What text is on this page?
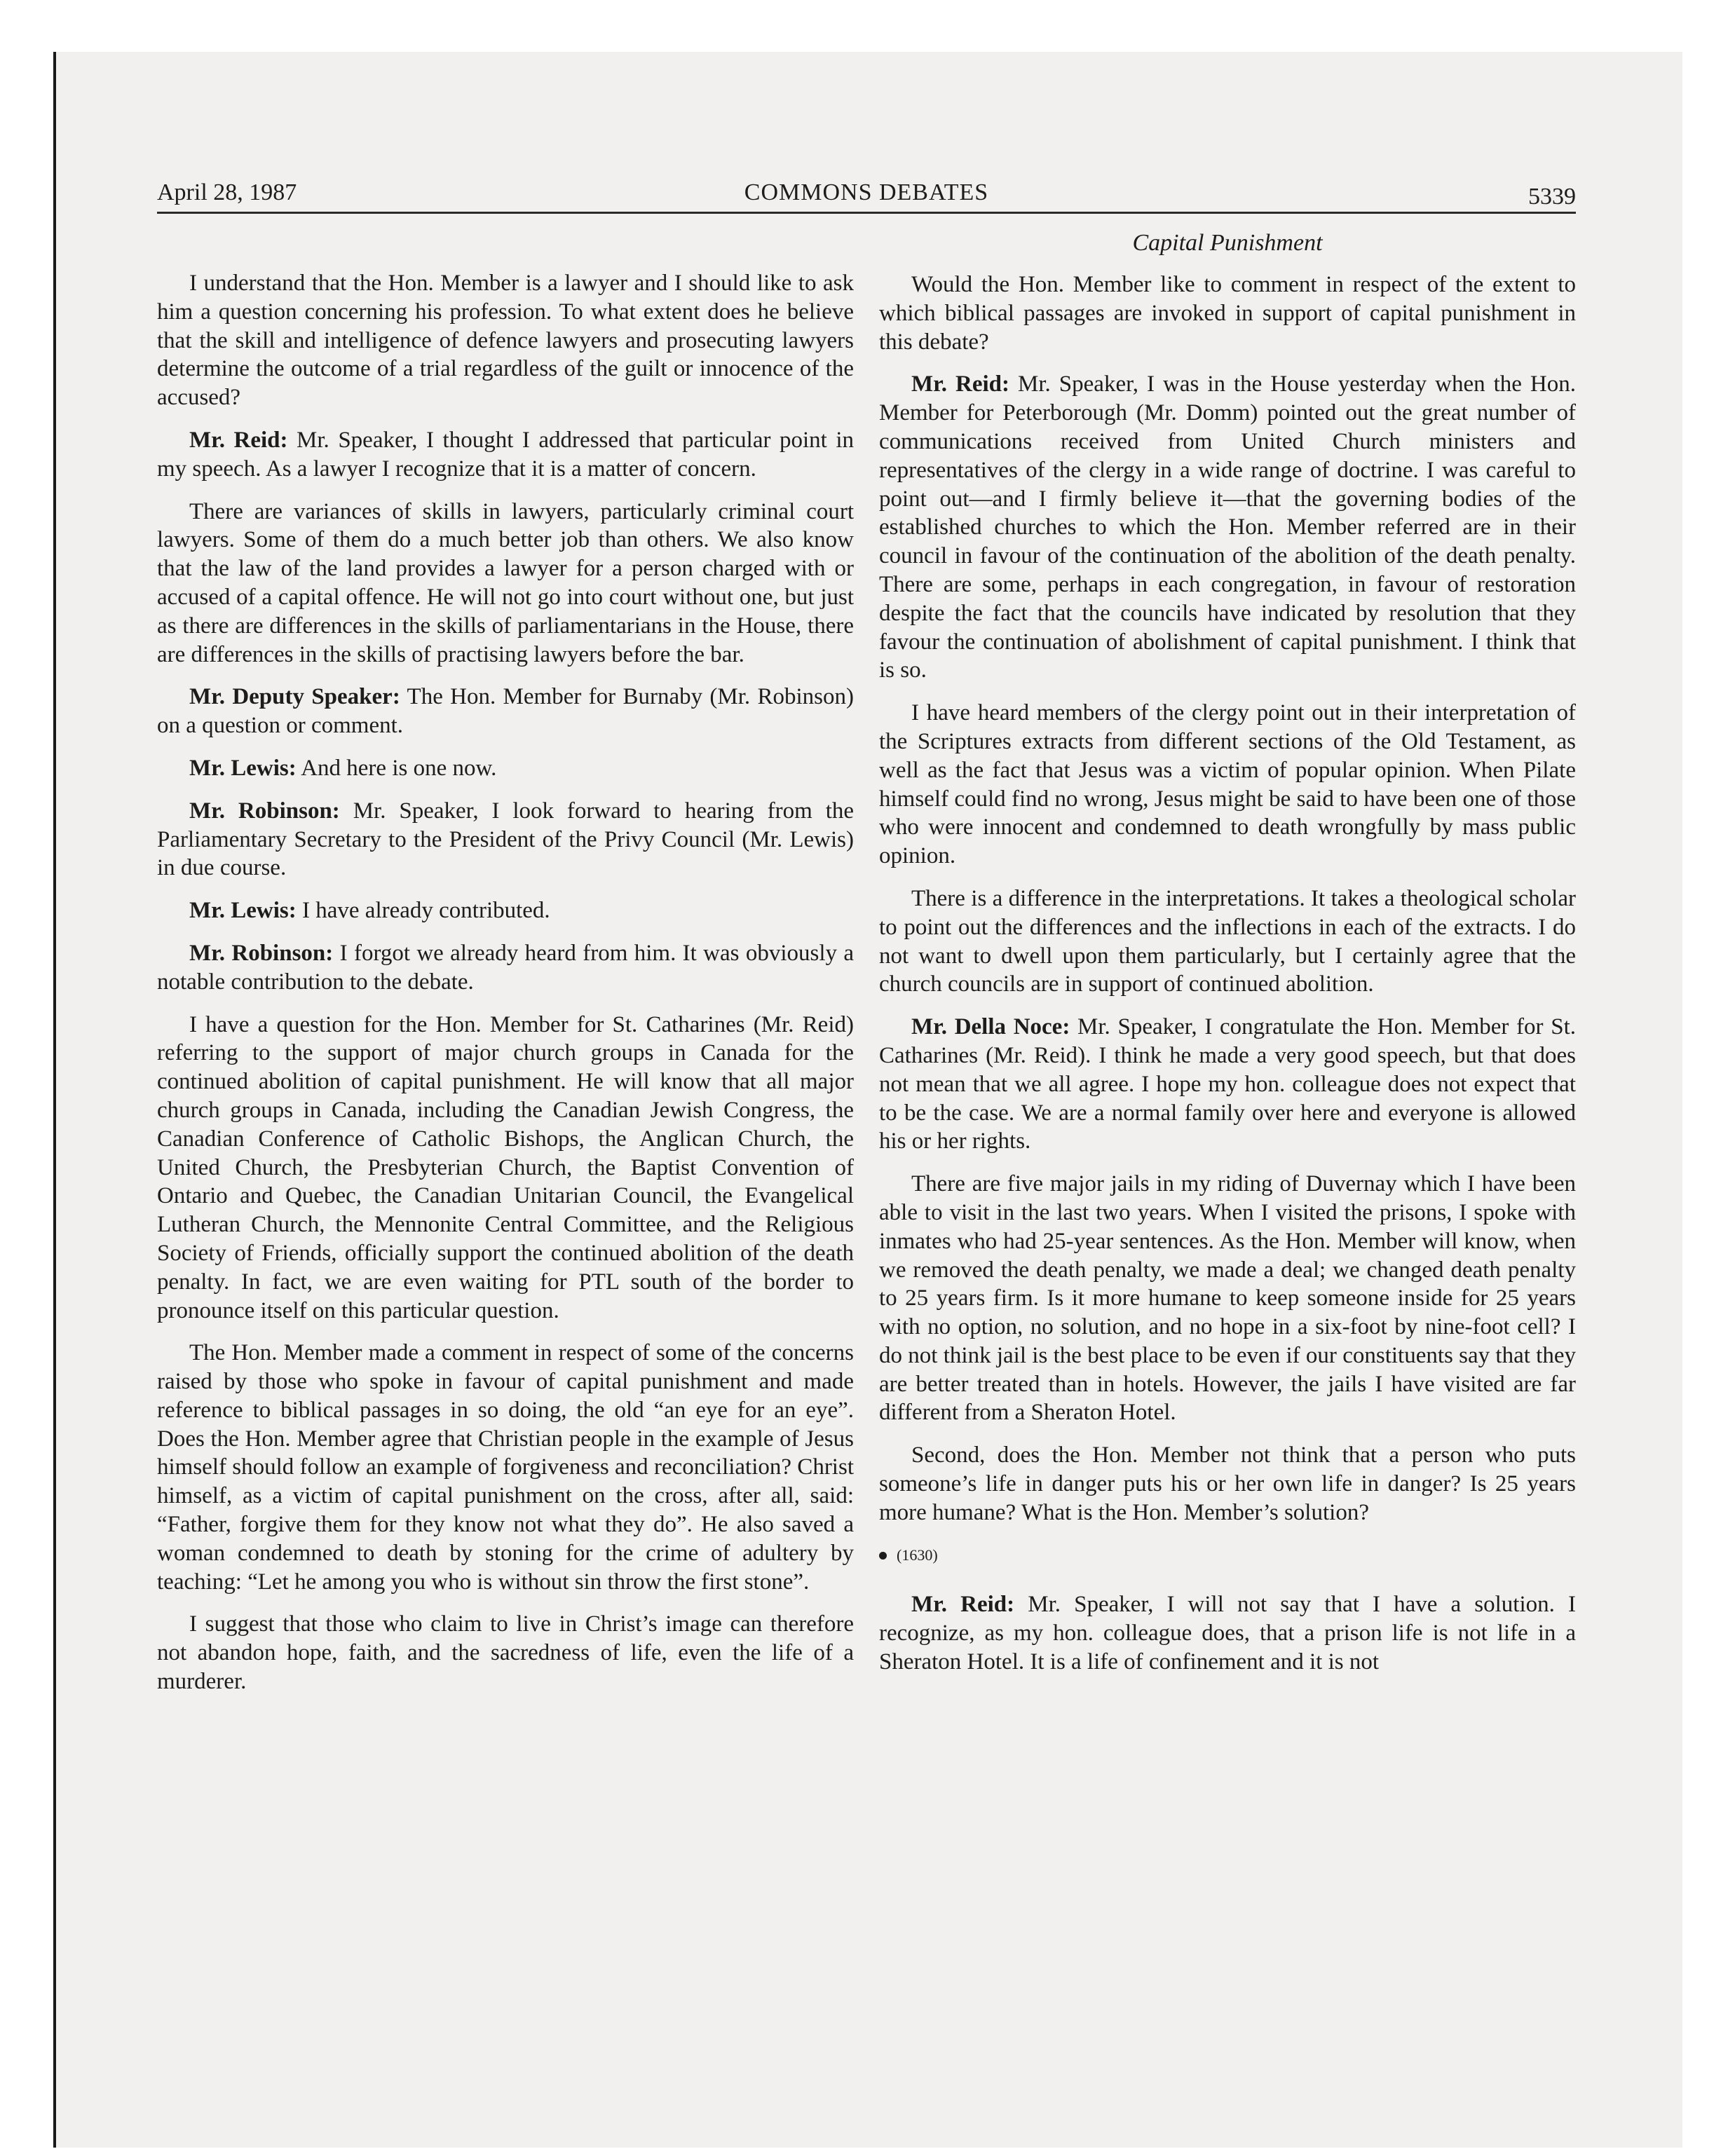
April 28, 1987	COMMONS DEBATES	5339
Capital Punishment

I understand that the Hon. Member is a lawyer and I should like to ask him a question concerning his profession. To what extent does he believe that the skill and intelligence of defence lawyers and prosecuting lawyers determine the outcome of a trial regardless of the guilt or innocence of the accused?

Mr. Reid: Mr. Speaker, I thought I addressed that particular point in my speech. As a lawyer I recognize that it is a matter of concern.

There are variances of skills in lawyers, particularly criminal court lawyers. Some of them do a much better job than others. We also know that the law of the land provides a lawyer for a person charged with or accused of a capital offence. He will not go into court without one, but just as there are differences in the skills of parliamentarians in the House, there are differences in the skills of practising lawyers before the bar.

Mr. Deputy Speaker: The Hon. Member for Burnaby (Mr. Robinson) on a question or comment.

Mr. Lewis: And here is one now.

Mr. Robinson: Mr. Speaker, I look forward to hearing from the Parliamentary Secretary to the President of the Privy Council (Mr. Lewis) in due course.

Mr. Lewis: I have already contributed.

Mr. Robinson: I forgot we already heard from him. It was obviously a notable contribution to the debate.

I have a question for the Hon. Member for St. Catharines (Mr. Reid) referring to the support of major church groups in Canada for the continued abolition of capital punishment. He will know that all major church groups in Canada, including the Canadian Jewish Congress, the Canadian Conference of Catholic Bishops, the Anglican Church, the United Church, the Presbyterian Church, the Baptist Convention of Ontario and Quebec, the Canadian Unitarian Council, the Evangelical Lutheran Church, the Mennonite Central Committee, and the Religious Society of Friends, officially support the continued abolition of the death penalty. In fact, we are even waiting for PTL south of the border to pronounce itself on this particular question.

The Hon. Member made a comment in respect of some of the concerns raised by those who spoke in favour of capital punishment and made reference to biblical passages in so doing, the old “an eye for an eye”. Does the Hon. Member agree that Christian people in the example of Jesus himself should follow an example of forgiveness and reconciliation? Christ himself, as a victim of capital punishment on the cross, after all, said: “Father, forgive them for they know not what they do”. He also saved a woman condemned to death by stoning for the crime of adultery by teaching: “Let he among you who is without sin throw the first stone”.

I suggest that those who claim to live in Christ’s image can therefore not abandon hope, faith, and the sacredness of life, even the life of a murderer.

Would the Hon. Member like to comment in respect of the extent to which biblical passages are invoked in support of capital punishment in this debate?

Mr. Reid: Mr. Speaker, I was in the House yesterday when the Hon. Member for Peterborough (Mr. Domm) pointed out the great number of communications received from United Church ministers and representatives of the clergy in a wide range of doctrine. I was careful to point out—and I firmly believe it—that the governing bodies of the established churches to which the Hon. Member referred are in their council in favour of the continuation of the abolition of the death penalty. There are some, perhaps in each congregation, in favour of restoration despite the fact that the councils have indicated by resolution that they favour the continuation of abolishment of capital punishment. I think that is so.

I have heard members of the clergy point out in their interpretation of the Scriptures extracts from different sections of the Old Testament, as well as the fact that Jesus was a victim of popular opinion. When Pilate himself could find no wrong, Jesus might be said to have been one of those who were innocent and condemned to death wrongfully by mass public opinion.

There is a difference in the interpretations. It takes a theological scholar to point out the differences and the inflections in each of the extracts. I do not want to dwell upon them particularly, but I certainly agree that the church councils are in support of continued abolition.

Mr. Della Noce: Mr. Speaker, I congratulate the Hon. Member for St. Catharines (Mr. Reid). I think he made a very good speech, but that does not mean that we all agree. I hope my hon. colleague does not expect that to be the case. We are a normal family over here and everyone is allowed his or her rights.

There are five major jails in my riding of Duvernay which I have been able to visit in the last two years. When I visited the prisons, I spoke with inmates who had 25-year sentences. As the Hon. Member will know, when we removed the death penalty, we made a deal; we changed death penalty to 25 years firm. Is it more humane to keep someone inside for 25 years with no option, no solution, and no hope in a six-foot by nine-foot cell? I do not think jail is the best place to be even if our constituents say that they are better treated than in hotels. However, the jails I have visited are far different from a Sheraton Hotel.

Second, does the Hon. Member not think that a person who puts someone’s life in danger puts his or her own life in danger? Is 25 years more humane? What is the Hon. Member’s solution?

(1630)

Mr. Reid: Mr. Speaker, I will not say that I have a solution. I recognize, as my hon. colleague does, that a prison life is not life in a Sheraton Hotel. It is a life of confinement and it is not
